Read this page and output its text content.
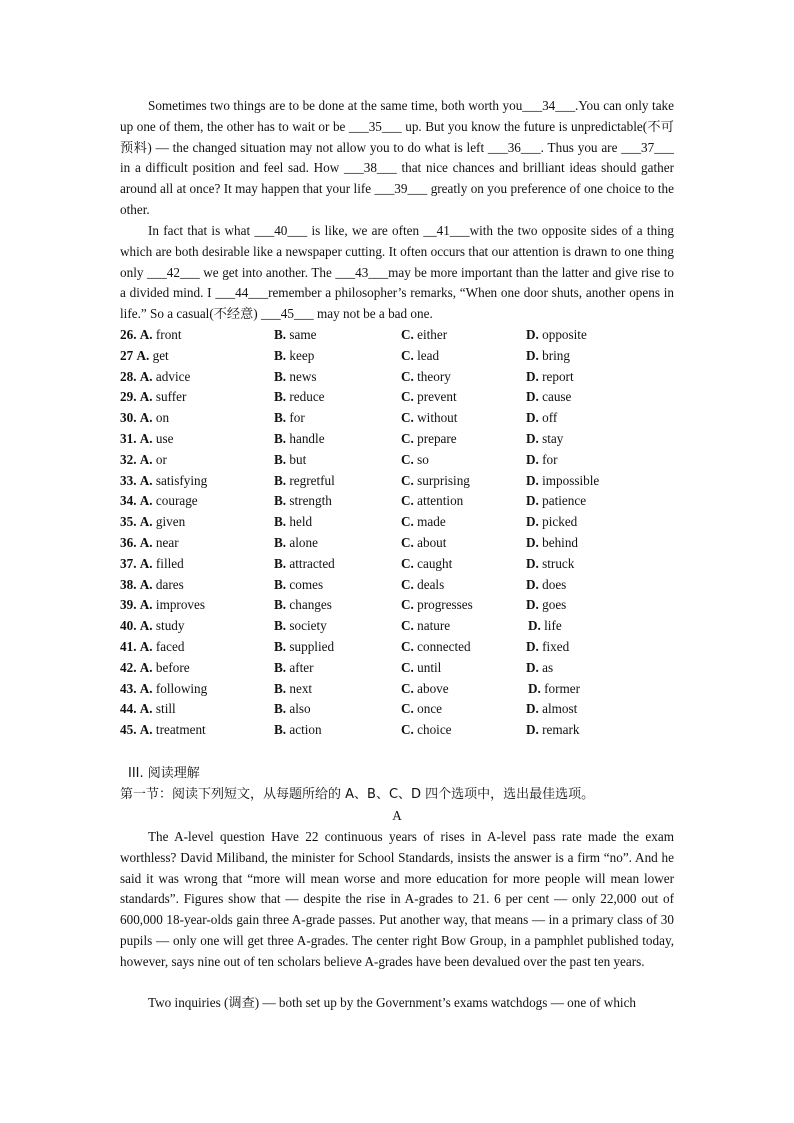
Sometimes two things are to be done at the same time, both worth you___34___.You can only take up one of them, the other has to wait or be ___35___ up. But you know the future is unpredictable(不可预料) — the changed situation may not allow you to do what is left ___36___. Thus you are ___37___ in a difficult position and feel sad. How ___38___ that nice chances and brilliant ideas should gather around all at once? It may happen that your life ___39___ greatly on you preference of one choice to the other.

In fact that is what ___40___ is like, we are often __41___with the two opposite sides of a thing which are both desirable like a newspaper cutting. It often occurs that our attention is drawn to one thing only ___42___ we get into another. The ___43___may be more important than the latter and give rise to a divided mind. I ___44___remember a philosopher’s remarks, “When one door shuts, another opens in life.” So a casual(不经意) ___45___ may not be a bad one.

26. A. front	B. same	C. either	D. opposite
27 A. get	B. keep	C. lead	D. bring
28. A. advice	B. news	C. theory	D. report
29. A. suffer	B. reduce	C. prevent	D. cause
30. A. on	B. for	C. without	D. off
31. A. use	B. handle	C. prepare	D. stay
32. A. or	B. but	C. so	D. for
33. A. satisfying	B. regretful	C. surprising	D. impossible
34. A. courage	B. strength	C. attention	D. patience
35. A. given	B. held	C. made	D. picked
36. A. near	B. alone	C. about	D. behind
37. A. filled	B. attracted	C. caught	D. struck
38. A. dares	B. comes	C. deals	D. does
39. A. improves	B. changes	C. progresses	D. goes
40. A. study	B. society	C. nature	D. life
41. A. faced	B. supplied	C. connected	D. fixed
42. A. before	B. after	C. until	D. as
43. A. following	B. next	C. above	D. former
44. A. still	B. also	C. once	D. almost
45. A. treatment	B. action	C. choice	D. remark
III. 阅读理解
第一节：阅读下列短文，从每题所给的 A、B、C、D 四个选项中，选出最佳选项。
A

The A-level question Have 22 continuous years of rises in A-level pass rate made the exam worthless? David Miliband, the minister for School Standards, insists the answer is a firm “no”. And he said it was wrong that “more will mean worse and more education for more people will mean lower standards”. Figures show that — despite the rise in A-grades to 21. 6 per cent — only 22,000 out of 600,000 18-year-olds gain three A-grade passes. Put another way, that means — in a primary class of 30 pupils — only one will get three A-grades. The center right Bow Group, in a pamphlet published today, however, says nine out of ten scholars believe A-grades have been devalued over the past ten years.

Two inquiries (调查) — both set up by the Government’s exams watchdogs — one of which
